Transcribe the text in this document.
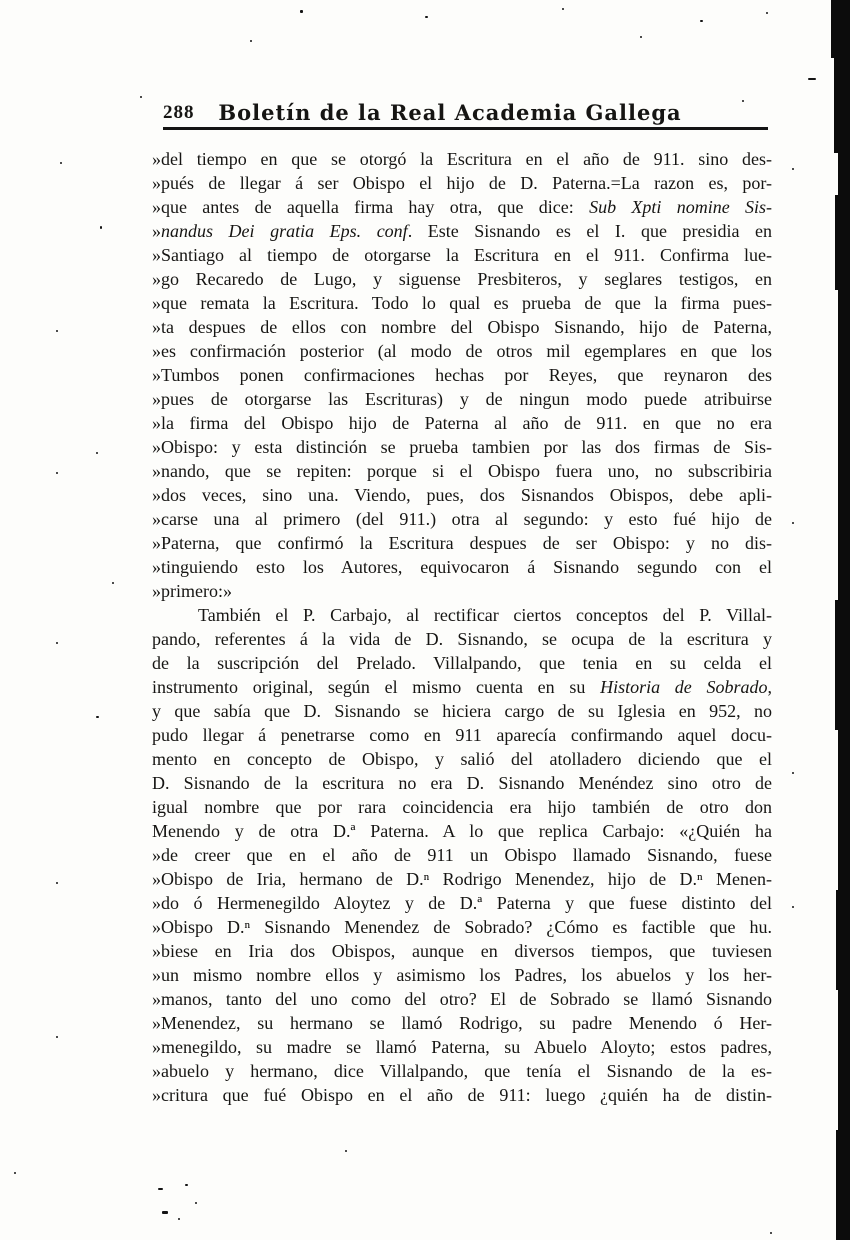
288 Boletín de la Real Academia Gallega
»del tiempo en que se otorgó la Escritura en el año de 911. sino des-
»pués de llegar á ser Obispo el hijo de D. Paterna.=La razon es, por-
»que antes de aquella firma hay otra, que dice: Sub Xpti nomine Sis-
»nandus Dei gratia Eps. conf. Este Sisnando es el I. que presidia en
»Santiago al tiempo de otorgarse la Escritura en el 911. Confirma lue-
»go Recaredo de Lugo, y siguense Presbiteros, y seglares testigos, en
»que remata la Escritura. Todo lo qual es prueba de que la firma pues-
»ta despues de ellos con nombre del Obispo Sisnando, hijo de Paterna,
»es confirmación posterior (al modo de otros mil egemplares en que los
»Tumbos ponen confirmaciones hechas por Reyes, que reynaron des
»pues de otorgarse las Escrituras) y de ningun modo puede atribuirse
»la firma del Obispo hijo de Paterna al año de 911. en que no era
»Obispo: y esta distinción se prueba tambien por las dos firmas de Sis-
»nando, que se repiten: porque si el Obispo fuera uno, no subscribiria
»dos veces, sino una. Viendo, pues, dos Sisnandos Obispos, debe apli-
»carse una al primero (del 911.) otra al segundo: y esto fué hijo de
»Paterna, que confirmó la Escritura despues de ser Obispo: y no dis-
»tinguiendo esto los Autores, equivocaron á Sisnando segundo con el
»primero:»
También el P. Carbajo, al rectificar ciertos conceptos del P. Villal-
pando, referentes á la vida de D. Sisnando, se ocupa de la escritura y
de la suscripción del Prelado. Villalpando, que tenia en su celda el
instrumento original, según el mismo cuenta en su Historia de Sobrado,
y que sabía que D. Sisnando se hiciera cargo de su Iglesia en 952, no
pudo llegar á penetrarse como en 911 aparecía confirmando aquel docu-
mento en concepto de Obispo, y salió del atolladero diciendo que el
D. Sisnando de la escritura no era D. Sisnando Menéndez sino otro de
igual nombre que por rara coincidencia era hijo también de otro don
Menendo y de otra D.ª Paterna. A lo que replica Carbajo: «¿Quién ha
»de creer que en el año de 911 un Obispo llamado Sisnando, fuese
»Obispo de Iria, hermano de D.ⁿ Rodrigo Menendez, hijo de D.ⁿ Menen-
»do ó Hermenegildo Aloytez y de D.ª Paterna y que fuese distinto del
»Obispo D.ⁿ Sisnando Menendez de Sobrado? ¿Cómo es factible que hu.
»biese en Iria dos Obispos, aunque en diversos tiempos, que tuviesen
»un mismo nombre ellos y asimismo los Padres, los abuelos y los her-
»manos, tanto del uno como del otro? El de Sobrado se llamó Sisnando
»Menendez, su hermano se llamó Rodrigo, su padre Menendo ó Her-
»menegildo, su madre se llamó Paterna, su Abuelo Aloyto; estos padres,
»abuelo y hermano, dice Villalpando, que tenía el Sisnando de la es-
»critura que fué Obispo en el año de 911: luego ¿quién ha de distin-
